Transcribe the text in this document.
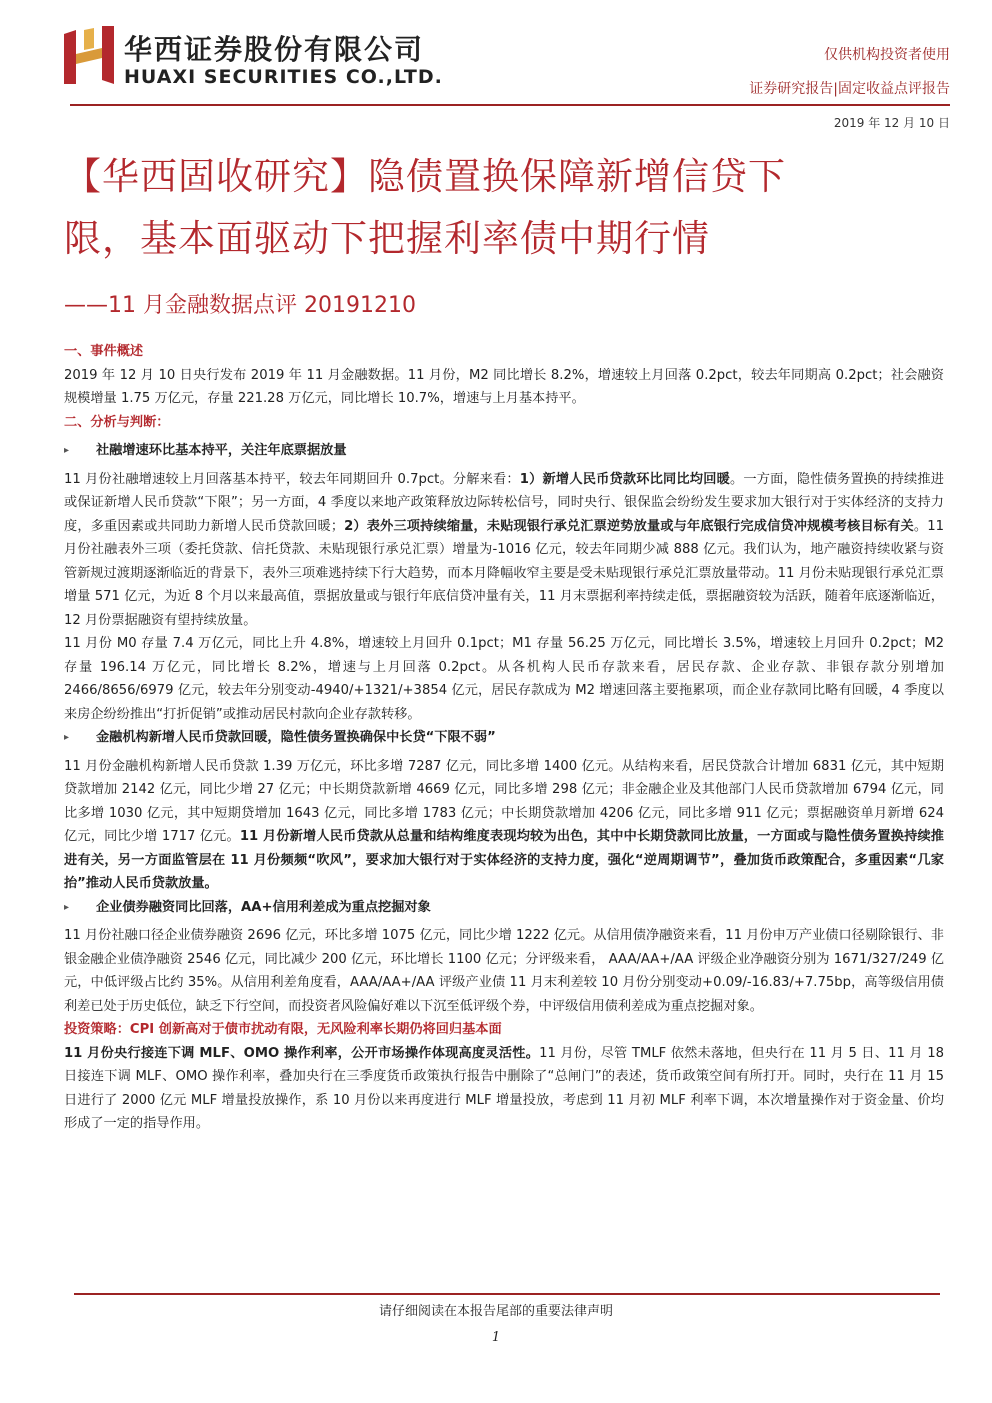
华西证券股份有限公司
HUAXI SECURITIES CO.,LTD.
仅供机构投资者使用
证券研究报告|固定收益点评报告
2019 年 12 月 10 日
【华西固收研究】隐债置换保障新增信贷下
限，基本面驱动下把握利率债中期行情
——11 月金融数据点评 20191210

一、事件概述

2019 年 12 月 10 日央行发布 2019 年 11 月金融数据。11 月份，M2 同比增长 8.2%，增速较上月回落 0.2pct，较去年同期高 0.2pct；社会融资规模增量 1.75 万亿元，存量 221.28 万亿元，同比增长 10.7%，增速与上月基本持平。

二、分析与判断：

▸	社融增速环比基本持平，关注年底票据放量

11 月份社融增速较上月回落基本持平，较去年同期回升 0.7pct。分解来看：1）新增人民币贷款环比同比均回暖。一方面，隐性债务置换的持续推进或保证新增人民币贷款“下限”；另一方面，4 季度以来地产政策释放边际转松信号，同时央行、银保监会纷纷发生要求加大银行对于实体经济的支持力度，多重因素或共同助力新增人民币贷款回暖；2）表外三项持续缩量，未贴现银行承兑汇票逆势放量或与年底银行完成信贷冲规模考核目标有关。11 月份社融表外三项（委托贷款、信托贷款、未贴现银行承兑汇票）增量为-1016 亿元，较去年同期少减 888 亿元。我们认为，地产融资持续收紧与资管新规过渡期逐渐临近的背景下，表外三项难逃持续下行大趋势，而本月降幅收窄主要是受未贴现银行承兑汇票放量带动。11 月份未贴现银行承兑汇票增量 571 亿元，为近 8 个月以来最高值，票据放量或与银行年底信贷冲量有关，11 月末票据利率持续走低，票据融资较为活跃，随着年底逐渐临近，12 月份票据融资有望持续放量。

11 月份 M0 存量 7.4 万亿元，同比上升 4.8%，增速较上月回升 0.1pct；M1 存量 56.25 万亿元，同比增长 3.5%，增速较上月回升 0.2pct；M2 存量 196.14 万亿元，同比增长 8.2%，增速与上月回落 0.2pct。从各机构人民币存款来看，居民存款、企业存款、非银存款分别增加 2466/8656/6979 亿元，较去年分别变动-4940/+1321/+3854 亿元，居民存款成为 M2 增速回落主要拖累项，而企业存款同比略有回暖，4 季度以来房企纷纷推出“打折促销”或推动居民村款向企业存款转移。

▸	金融机构新增人民币贷款回暖，隐性债务置换确保中长贷“下限不弱”

11 月份金融机构新增人民币贷款 1.39 万亿元，环比多增 7287 亿元，同比多增 1400 亿元。从结构来看，居民贷款合计增加 6831 亿元，其中短期贷款增加 2142 亿元，同比少增 27 亿元；中长期贷款新增 4669 亿元，同比多增 298 亿元；非金融企业及其他部门人民币贷款增加 6794 亿元，同比多增 1030 亿元，其中短期贷增加 1643 亿元，同比多增 1783 亿元；中长期贷款增加 4206 亿元，同比多增 911 亿元；票据融资单月新增 624 亿元，同比少增 1717 亿元。11 月份新增人民币贷款从总量和结构维度表现均较为出色，其中中长期贷款同比放量，一方面或与隐性债务置换持续推进有关，另一方面监管层在 11 月份频频“吹风”，要求加大银行对于实体经济的支持力度，强化“逆周期调节”，叠加货币政策配合，多重因素“几家抬”推动人民币贷款放量。

▸	企业债券融资同比回落，AA+信用利差成为重点挖掘对象

11 月份社融口径企业债券融资 2696 亿元，环比多增 1075 亿元，同比少增 1222 亿元。从信用债净融资来看，11 月份申万产业债口径剔除银行、非银金融企业债净融资 2546 亿元，同比减少 200 亿元，环比增长 1100 亿元；分评级来看， AAA/AA+/AA 评级企业净融资分别为 1671/327/249 亿元，中低评级占比约 35%。从信用利差角度看，AAA/AA+/AA 评级产业债 11 月末利差较 10 月份分别变动+0.09/-16.83/+7.75bp，高等级信用债利差已处于历史低位，缺乏下行空间，而投资者风险偏好难以下沉至低评级个券，中评级信用债利差成为重点挖掘对象。

投资策略：CPI 创新高对于债市扰动有限，无风险利率长期仍将回归基本面

11 月份央行接连下调 MLF、OMO 操作利率，公开市场操作体现高度灵活性。11 月份，尽管 TMLF 依然未落地，但央行在 11 月 5 日、11 月 18 日接连下调 MLF、OMO 操作利率，叠加央行在三季度货币政策执行报告中删除了“总闸门”的表述，货币政策空间有所打开。同时，央行在 11 月 15 日进行了 2000 亿元 MLF 增量投放操作，系 10 月份以来再度进行 MLF 增量投放，考虑到 11 月初 MLF 利率下调，本次增量操作对于资金量、价均形成了一定的指导作用。

请仔细阅读在本报告尾部的重要法律声明
1
